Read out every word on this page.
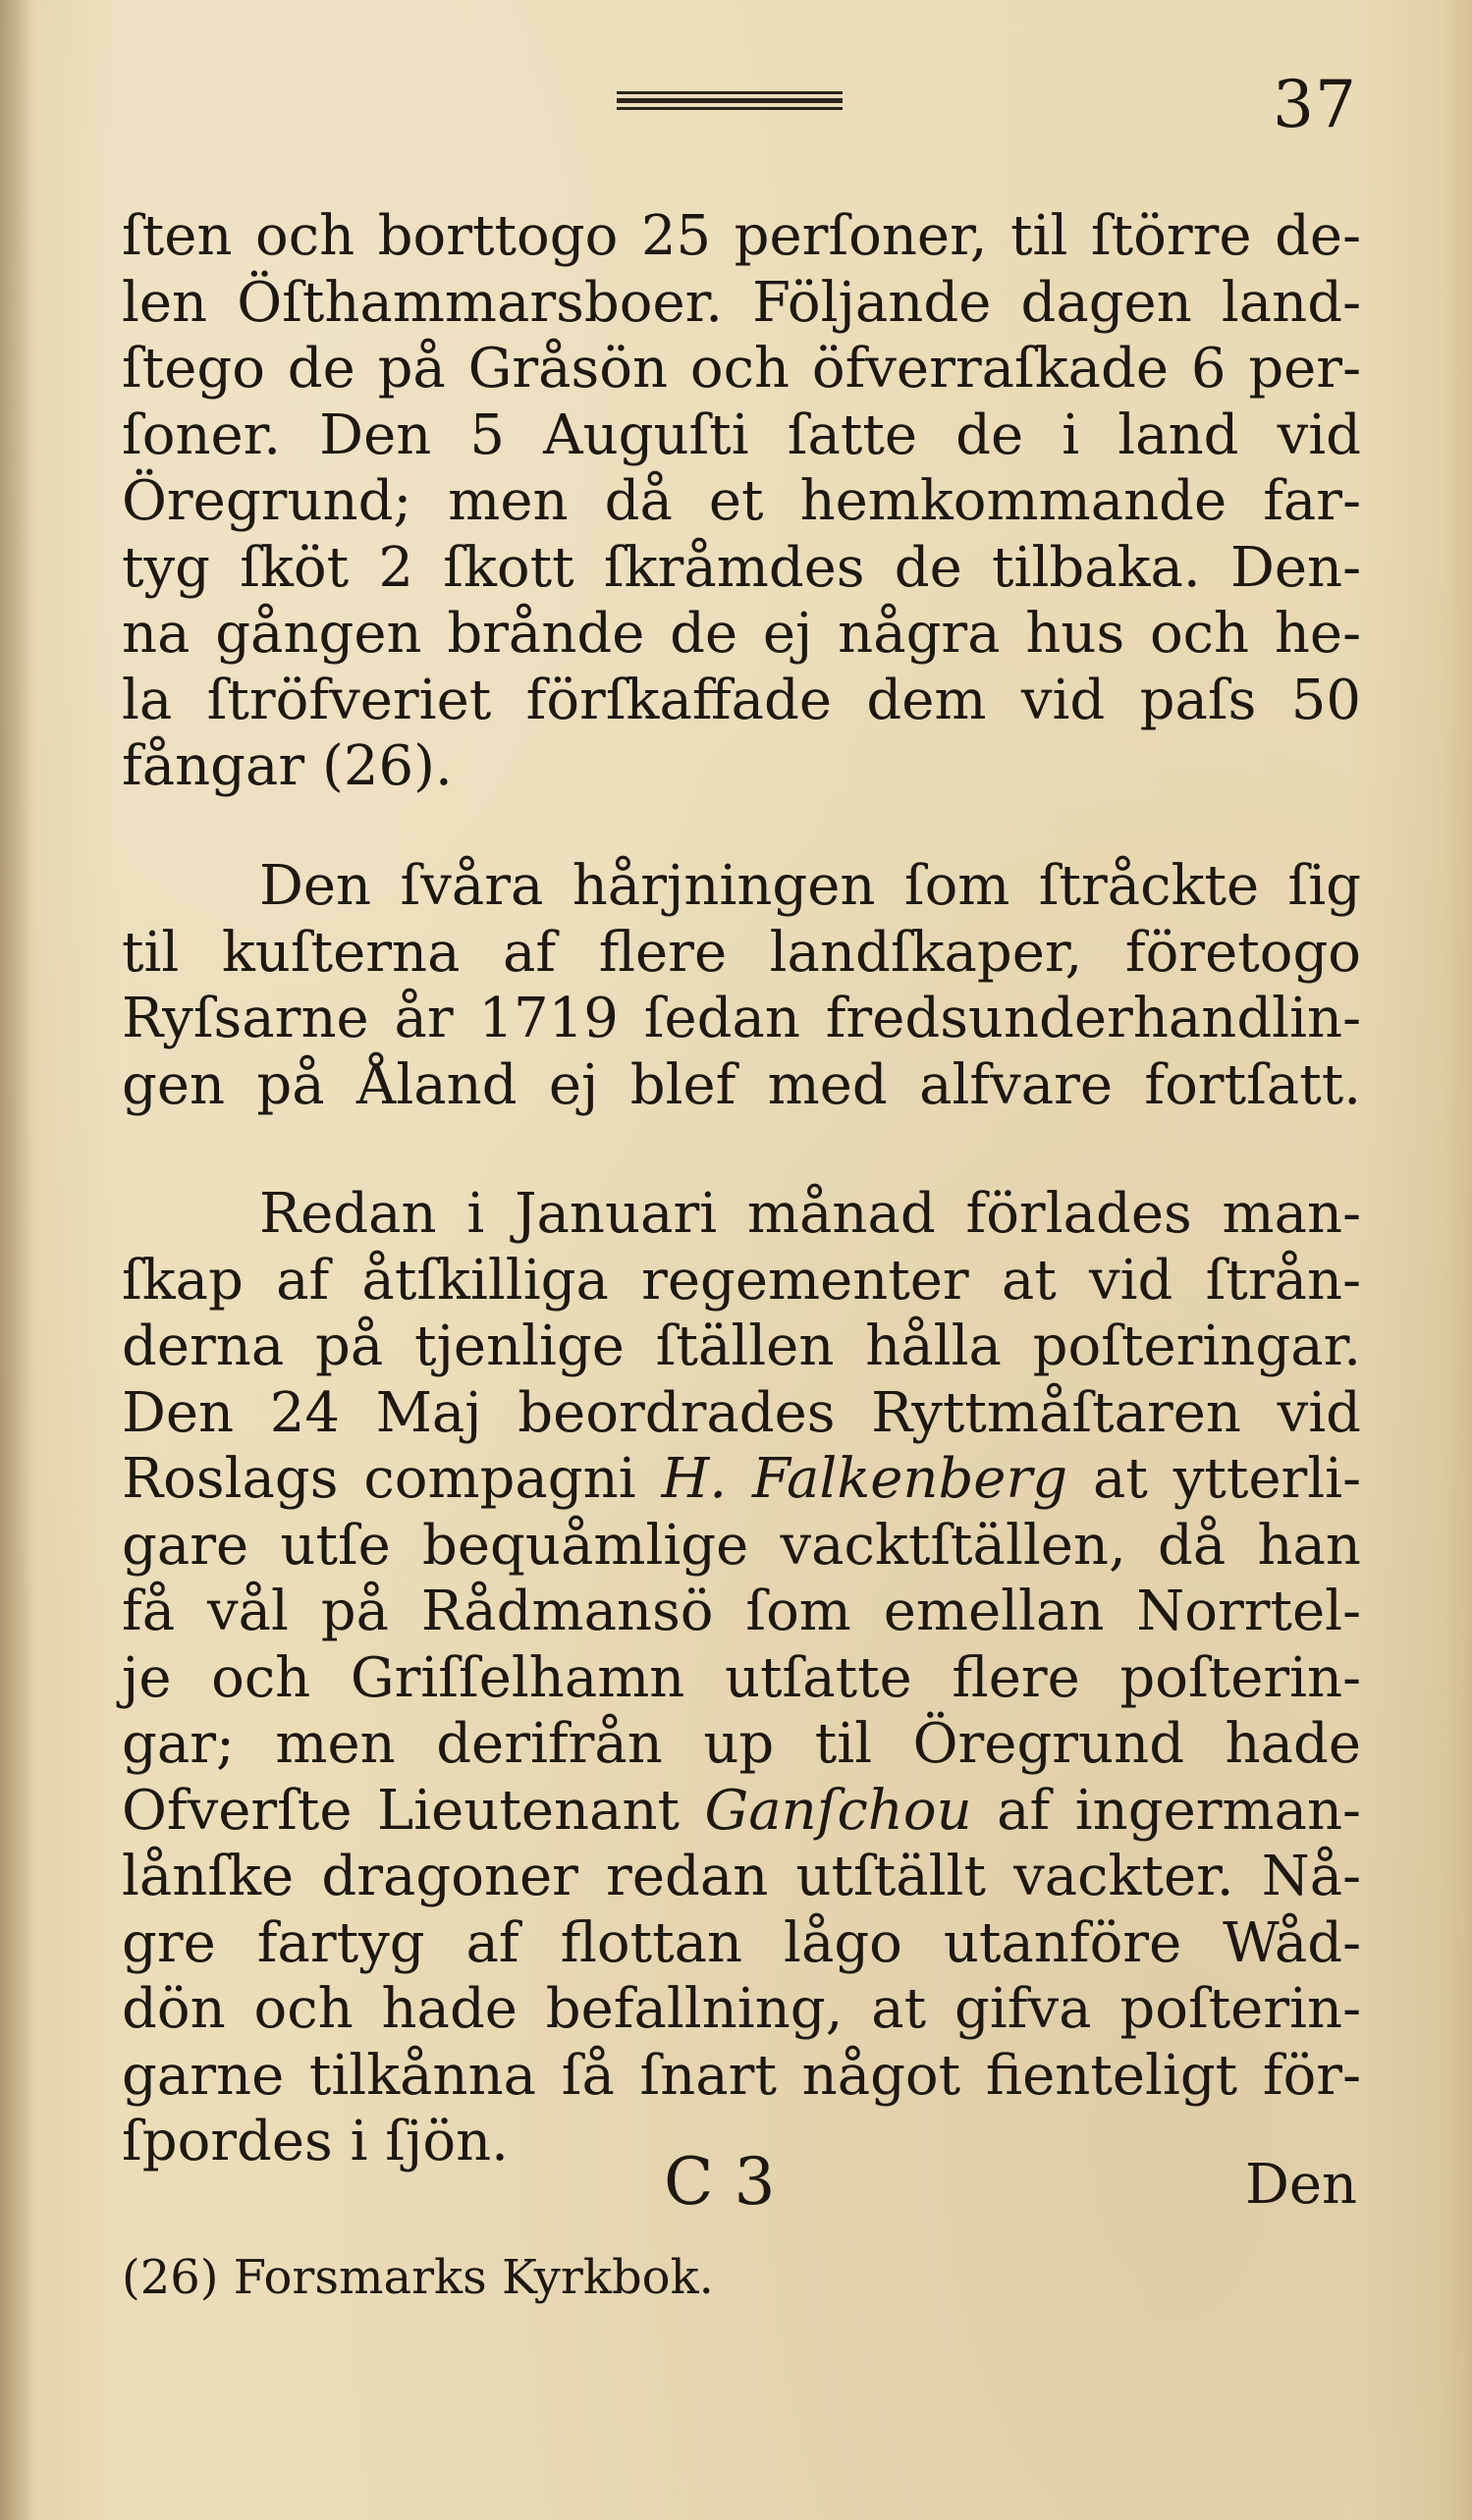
37
ſten och borttogo 25 perſoner, til ſtörre de-
len Öſthammarsboer. Följande dagen land-
ſtego de på Gråsön och öfverraſkade 6 per-
ſoner. Den 5 Auguſti ſatte de i land vid
Öregrund; men då et hemkommande far-
tyg ſköt 2 ſkott ſkråmdes de tilbaka. Den-
na gången brånde de ej några hus och he-
la ſtröfveriet förſkaffade dem vid paſs 50
fångar (26).
Den ſvåra hårjningen ſom ſtråckte ſig
til kuſterna af flere landſkaper, företogo
Ryſsarne år 1719 ſedan fredsunderhandlin-
gen på Åland ej blef med alfvare fortſatt.
Redan i Januari månad förlades man-
ſkap af åtſkilliga regementer at vid ſtrån-
derna på tjenlige ſtällen hålla poſteringar.
Den 24 Maj beordrades Ryttmåſtaren vid
Roslags compagni H. Falkenberg at ytterli-
gare utſe bequåmlige vacktſtällen, då han
få vål på Rådmansö ſom emellan Norrtel-
je och Griſſelhamn utſatte flere poſterin-
gar; men derifrån up til Öregrund hade
Ofverſte Lieutenant Ganſchou af ingerman-
lånſke dragoner redan utſtällt vackter. Nå-
gre fartyg af flottan lågo utanföre Wåd-
dön och hade befallning, at gifva poſterin-
garne tilkånna ſå ſnart något fienteligt för-
ſpordes i ſjön.
C 3	Den
(26) Forsmarks Kyrkbok.
